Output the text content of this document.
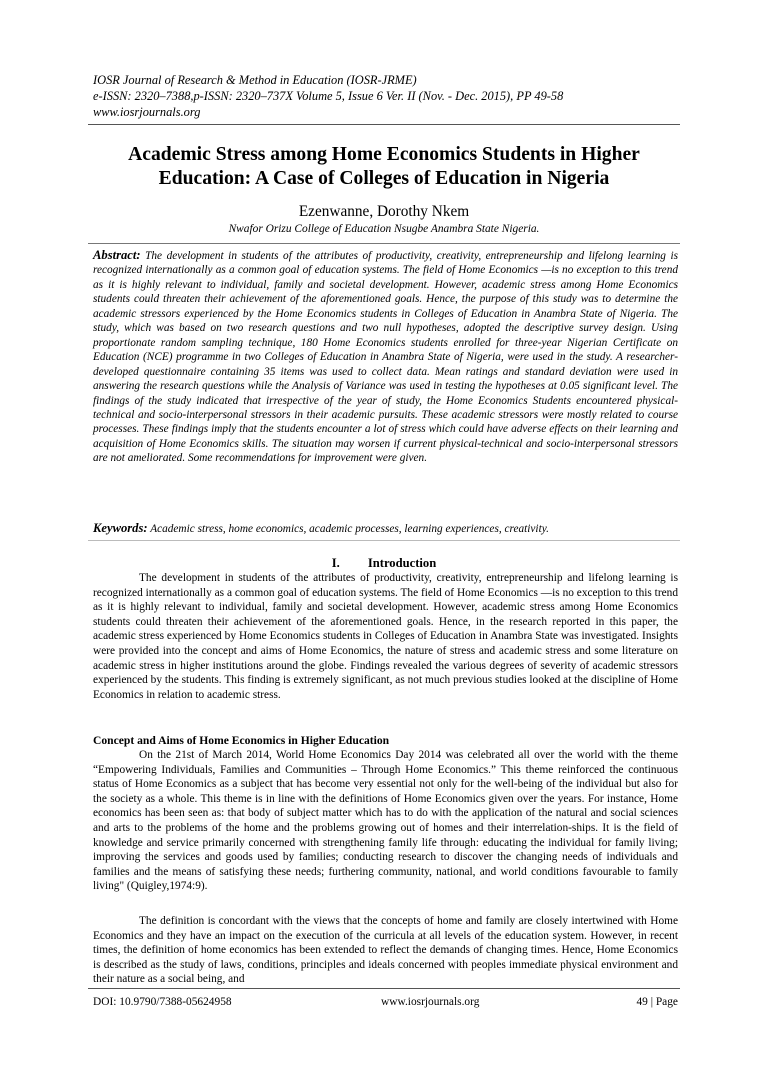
IOSR Journal of Research & Method in Education (IOSR-JRME)
e-ISSN: 2320–7388,p-ISSN: 2320–737X Volume 5, Issue 6 Ver. II (Nov. - Dec. 2015), PP 49-58
www.iosrjournals.org
Academic Stress among Home Economics Students in Higher Education: A Case of Colleges of Education in Nigeria
Ezenwanne, Dorothy Nkem
Nwafor Orizu College of Education Nsugbe Anambra State Nigeria.

Abstract: The development in students of the attributes of productivity, creativity, entrepreneurship and lifelong learning is recognized internationally as a common goal of education systems. The field of Home Economics —is no exception to this trend as it is highly relevant to individual, family and societal development. However, academic stress among Home Economics students could threaten their achievement of the aforementioned goals. Hence, the purpose of this study was to determine the academic stressors experienced by the Home Economics students in Colleges of Education in Anambra State of Nigeria. The study, which was based on two research questions and two null hypotheses, adopted the descriptive survey design. Using proportionate random sampling technique, 180 Home Economics students enrolled for three-year Nigerian Certificate on Education (NCE) programme in two Colleges of Education in Anambra State of Nigeria, were used in the study. A researcher-developed questionnaire containing 35 items was used to collect data. Mean ratings and standard deviation were used in answering the research questions while the Analysis of Variance was used in testing the hypotheses at 0.05 significant level. The findings of the study indicated that irrespective of the year of study, the Home Economics Students encountered physical-technical and socio-interpersonal stressors in their academic pursuits. These academic stressors were mostly related to course processes. These findings imply that the students encounter a lot of stress which could have adverse effects on their learning and acquisition of Home Economics skills. The situation may worsen if current physical-technical and socio-interpersonal stressors are not ameliorated. Some recommendations for improvement were given.

Keywords: Academic stress, home economics, academic processes, learning experiences, creativity.

I. Introduction

The development in students of the attributes of productivity, creativity, entrepreneurship and lifelong learning is recognized internationally as a common goal of education systems. The field of Home Economics —is no exception to this trend as it is highly relevant to individual, family and societal development. However, academic stress among Home Economics students could threaten their achievement of the aforementioned goals. Hence, in the research reported in this paper, the academic stress experienced by Home Economics students in Colleges of Education in Anambra State was investigated. Insights were provided into the concept and aims of Home Economics, the nature of stress and academic stress and some literature on academic stress in higher institutions around the globe. Findings revealed the various degrees of severity of academic stressors experienced by the students. This finding is extremely significant, as not much previous studies looked at the discipline of Home Economics in relation to academic stress.

Concept and Aims of Home Economics in Higher Education

On the 21st of March 2014, World Home Economics Day 2014 was celebrated all over the world with the theme “Empowering Individuals, Families and Communities – Through Home Economics.” This theme reinforced the continuous status of Home Economics as a subject that has become very essential not only for the well-being of the individual but also for the society as a whole. This theme is in line with the definitions of Home Economics given over the years. For instance, Home economics has been seen as: that body of subject matter which has to do with the application of the natural and social sciences and arts to the problems of the home and the problems growing out of homes and their interrelation-ships. It is the field of knowledge and service primarily concerned with strengthening family life through: educating the individual for family living; improving the services and goods used by families; conducting research to discover the changing needs of individuals and families and the means of satisfying these needs; furthering community, national, and world conditions favourable to family living" (Quigley,1974:9).

The definition is concordant with the views that the concepts of home and family are closely intertwined with Home Economics and they have an impact on the execution of the curricula at all levels of the education system. However, in recent times, the definition of home economics has been extended to reflect the demands of changing times. Hence, Home Economics is described as the study of laws, conditions, principles and ideals concerned with peoples immediate physical environment and their nature as a social being, and

DOI: 10.9790/7388-05624958	www.iosrjournals.org	49 | Page
